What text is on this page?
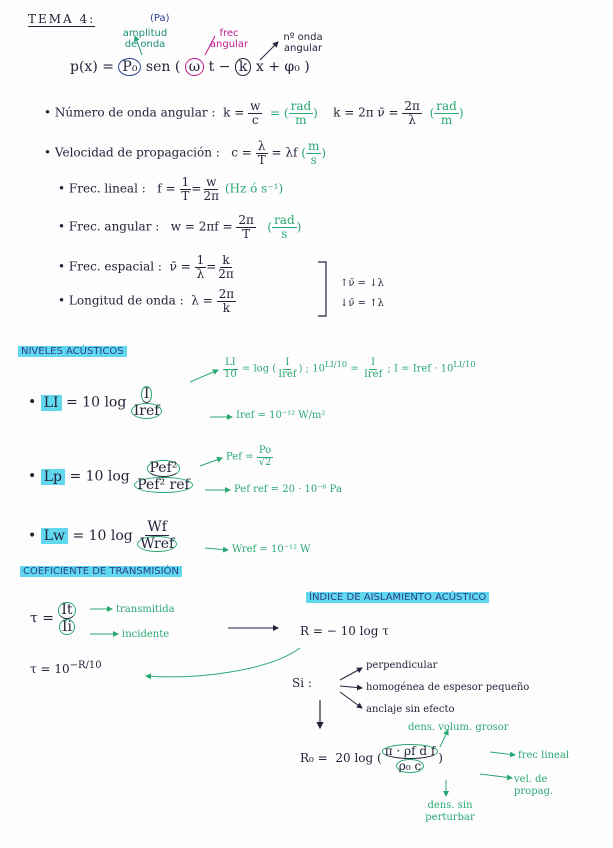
TEMA 4:	(Pa)
amplitud de onda
frec angular
nº onda angular
p(x) = P₀ sen ( ω t − k x + φ₀ )
• Número de onda angular : $k = \frac{w}{c}$ = ( $\frac{\text{rad}}{m}$ ) k = 2π ν̄ = $\frac{2\pi}{\lambda}$ ( $\frac{\text{rad}}{m}$ )
• Velocidad de propagación : $c = \frac{\lambda}{T} = \lambda f$ ( $\frac{m}{s}$ )
• Frec. lineal : $f = \frac{1}{T} = \frac{w}{2\pi} (Hz$ ó s⁻¹)
• Frec. angular : $w = 2\pi f = \frac{2\pi}{T}$ ( $\frac{\text{rad}}{s}$ )
• Frec. espacial : ν̄ = $\frac{1}{\lambda} = \frac{k}{2\pi}$
• Longitud de onda : $\lambda = \frac{2\pi}{k}$
↑ν̄ = ↓λ
↓ν̄ = ↑λ
NIVELES ACÚSTICOS
$\frac{LI}{10} = \log$ ( $\frac{I}{\text{Iref}}$ ) ; $10^{LI/10} = \frac{I}{\text{Iref}}$ ; I = Iref · $10^{LI/10}$
• LI = 10 $\log \frac{I}{\text{Iref}}$	Iref = 10⁻¹² W/m²
• Lp = 10 $\log \frac{\text{Pef²}}{\text{Pef² ref}}$
Pef = $\frac{Po}{√2}$
Pef ref = 20 · 10⁻⁶ Pa
• Lw = 10 $\log \frac{Wf}{\text{Wref}}$	Wref = 10⁻¹² W
COEFICIENTE DE TRANSMISIÓN
$\tau = \frac{It}{Ii}$	transmitida
incidente
$\tau = 10^{-R/10}$
ÍNDICE DE AISLAMIENTO ACÚSTICO
R = − 10 log τ
Si :
perpendicular
homogénea de espesor pequeño
anclaje sin efecto
dens. volum. grosor
R₀ = 20 log ( $\frac{\text{π · ρf d f}}{\text{ρ₀ c}}$ )	frec lineal
vel. de propag.
dens. sin perturbar
